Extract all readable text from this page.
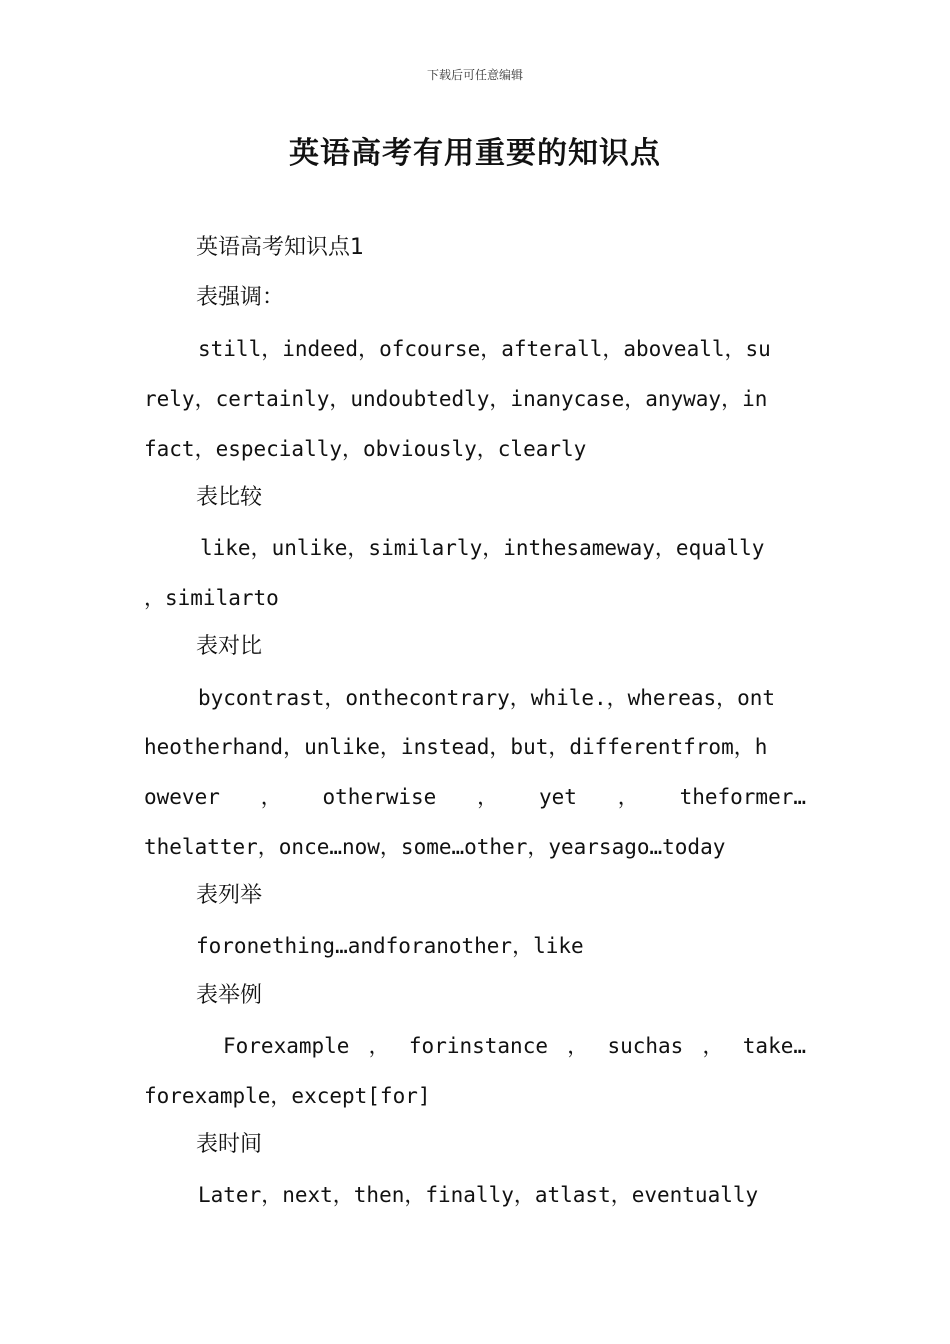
下载后可任意编辑
英语高考有用重要的知识点
英语高考知识点1
表强调：
still，indeed，ofcourse，afterall，aboveall，su
rely，certainly，undoubtedly，inanycase，anyway，in
fact，especially，obviously，clearly
表比较
like，unlike，similarly，inthesameway，equally
，similarto
表对比
bycontrast，onthecontrary，while.，whereas，ont
heotherhand，unlike，instead，but，differentfrom，h
owever ， otherwise ， yet ， theformer…
thelatter，once…now，some…other，yearsago…today
表列举
foronething…andforanother，like
表举例
Forexample ， forinstance ， suchas ， take…
forexample，except[for]
表时间
Later，next，then，finally，atlast，eventually
